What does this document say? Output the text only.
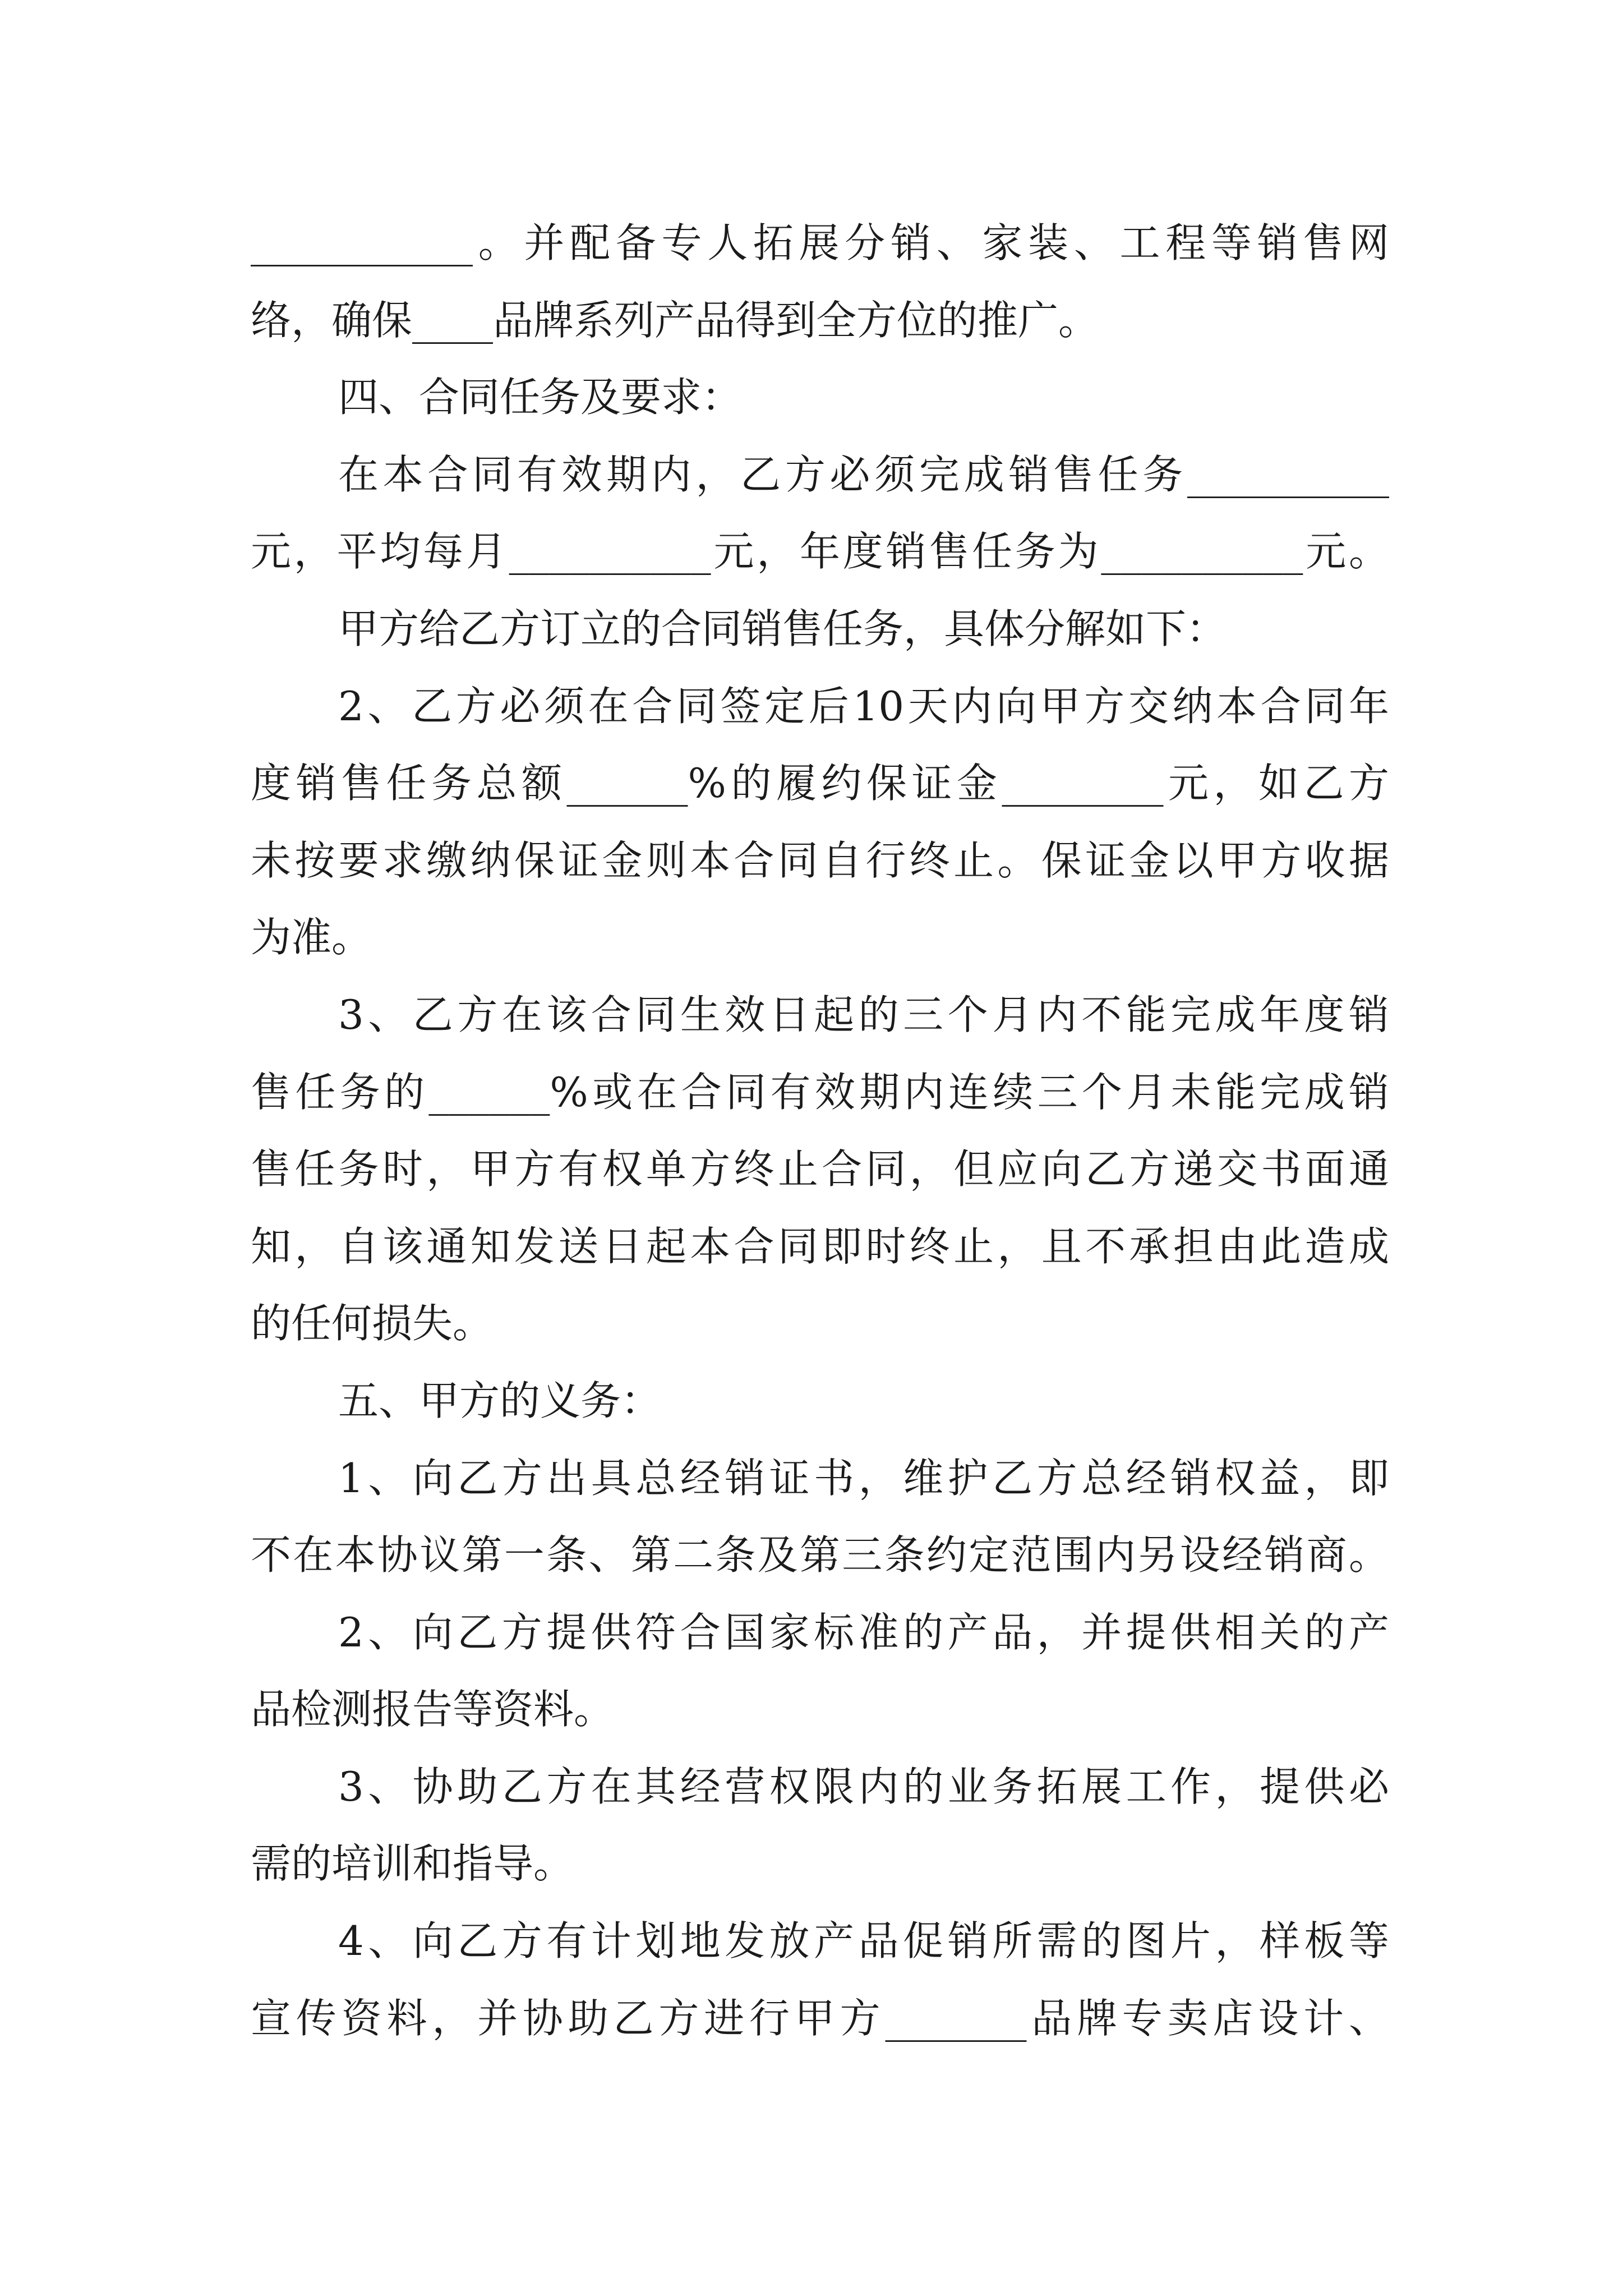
___________。并配备专人拓展分销、家装、工程等销售网
络，确保____品牌系列产品得到全方位的推广。
四、合同任务及要求：
在本合同有效期内，乙方必须完成销售任务__________
元，平均每月__________元，年度销售任务为__________元。
甲方给乙方订立的合同销售任务，具体分解如下：
2、乙方必须在合同签定后10天内向甲方交纳本合同年
度销售任务总额______%的履约保证金________元，如乙方
未按要求缴纳保证金则本合同自行终止。保证金以甲方收据
为准。
3、乙方在该合同生效日起的三个月内不能完成年度销
售任务的______%或在合同有效期内连续三个月未能完成销
售任务时，甲方有权单方终止合同，但应向乙方递交书面通
知，自该通知发送日起本合同即时终止，且不承担由此造成
的任何损失。
五、甲方的义务：
1、向乙方出具总经销证书，维护乙方总经销权益，即
不在本协议第一条、第二条及第三条约定范围内另设经销商。
2、向乙方提供符合国家标准的产品，并提供相关的产
品检测报告等资料。
3、协助乙方在其经营权限内的业务拓展工作，提供必
需的培训和指导。
4、向乙方有计划地发放产品促销所需的图片，样板等
宣传资料，并协助乙方进行甲方_______品牌专卖店设计、
